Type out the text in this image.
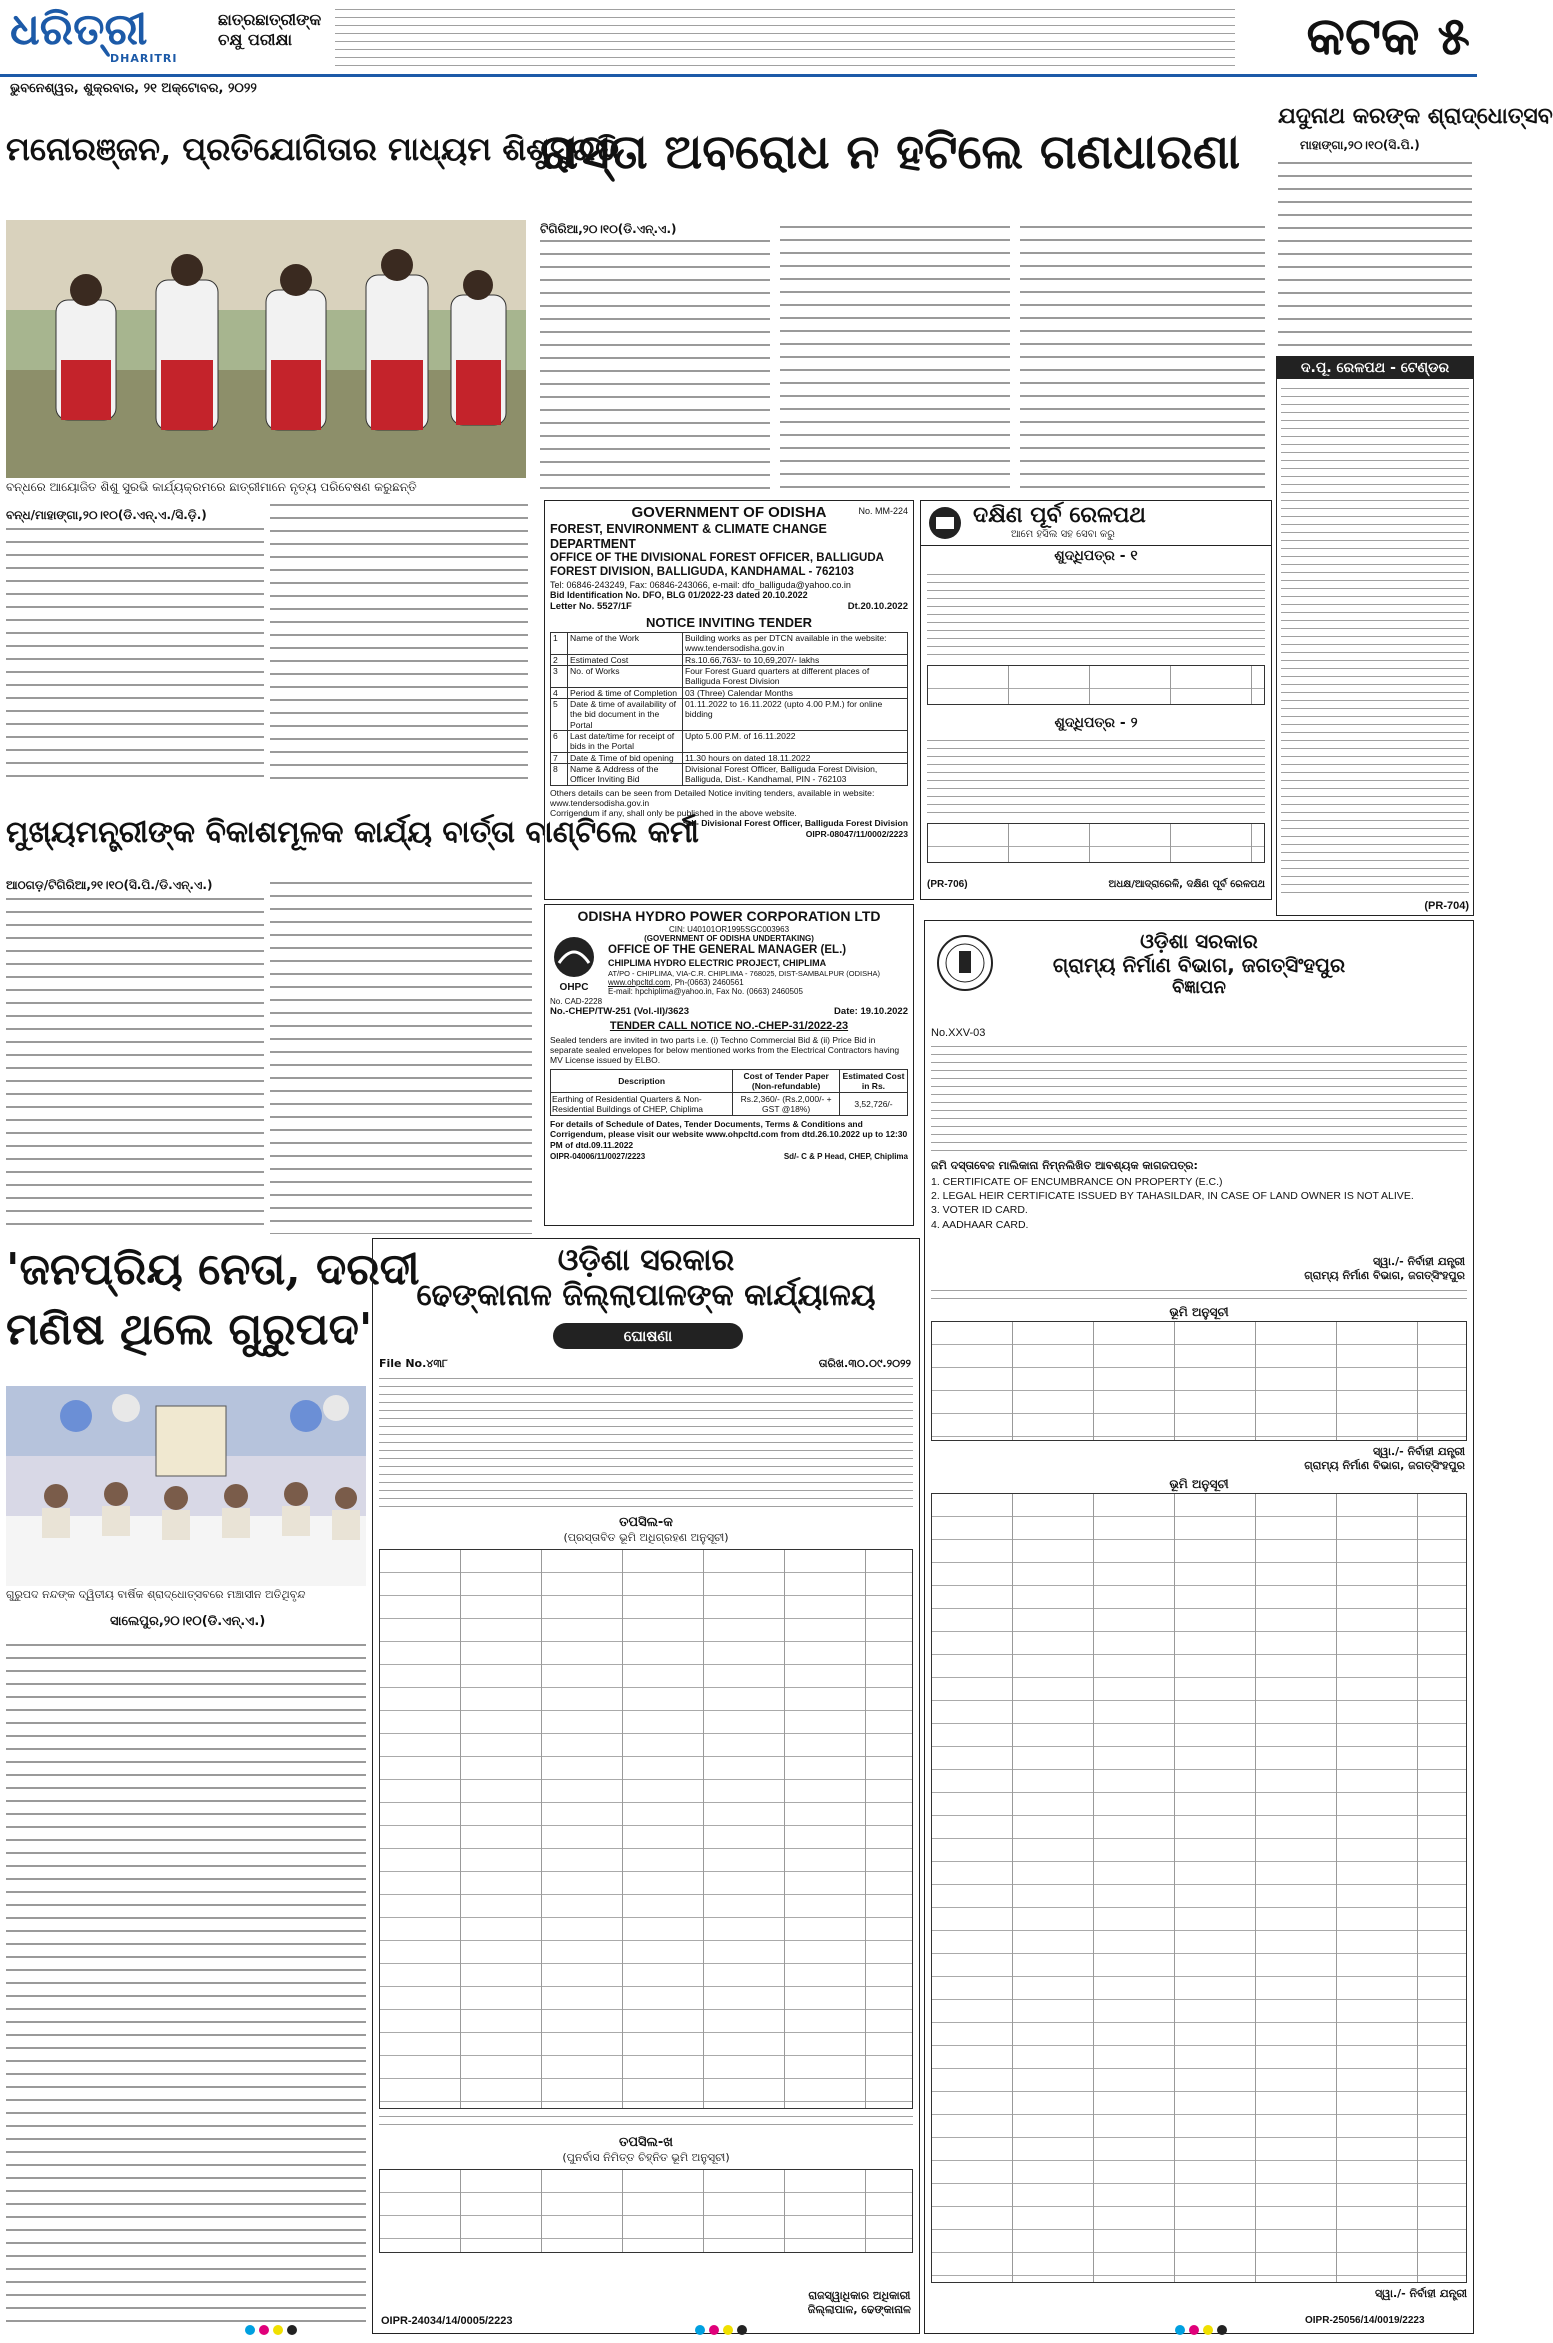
ଧରିତ୍ରୀ
DHARITRI
ଛାତ୍ରଛାତ୍ରୀଙ୍କ
ଚକ୍ଷୁ ପରୀକ୍ଷା	କଟକ ୫
ଭୁବନେଶ୍ୱର, ଶୁକ୍ରବାର, ୨୧ ଅକ୍ଟୋବର, ୨୦୨୨
ମନୋରଞ୍ଜନ, ପ୍ରତିଯୋଗିତାର ମାଧ୍ୟମ ଶିଶୁସୁରଭି
ବନ୍ଧରେ ଆୟୋଜିତ ଶିଶୁ ସୁରଭି କାର୍ଯ୍ୟକ୍ରମରେ ଛାତ୍ରୀମାନେ ନୃତ୍ୟ ପରିବେଷଣ କରୁଛନ୍ତି
ବନ୍ଧ/ମାହାଙ୍ଗା,୨୦।୧୦(ଡି.ଏନ୍.ଏ./ସି.ଡ଼ି.)
ରାସ୍ତା ଅବରୋଧ ନ ହଟିଲେ ଗଣଧାରଣା
ଟିଗିରିଆ,୨୦।୧୦(ଡି.ଏନ୍.ଏ.)
ଯଦୁନାଥ କରଙ୍କ ଶ୍ରାଦ୍ଧୋତ୍ସବ
ମାହାଙ୍ଗା,୨୦।୧୦(ସି.ପି.)
ଦ.ପୂ. ରେଳପଥ - ଟେଣ୍ଡର
(PR-704)
ମୁଖ୍ୟମନ୍ତ୍ରୀଙ୍କ ବିକାଶମୂଳକ କାର୍ଯ୍ୟ ବାର୍ତ୍ତା ବାଣ୍ଟିଲେ କର୍ମୀ
ଆଠଗଡ଼/ଟିଗିରିଆ,୨୧।୧୦(ସି.ପି./ଡି.ଏନ୍.ଏ.)
GOVERNMENT OF ODISHA	No. MM-224
FOREST, ENVIRONMENT & CLIMATE CHANGE DEPARTMENT
OFFICE OF THE DIVISIONAL FOREST OFFICER, BALLIGUDA
FOREST DIVISION, BALLIGUDA, KANDHAMAL - 762103
Tel: 06846-243249, Fax: 06846-243066, e-mail: dfo_balliguda@yahoo.co.in
Bid Identification No. DFO, BLG 01/2022-23 dated 20.10.2022
Letter No. 5527/1F	Dt.20.10.2022
NOTICE INVITING TENDER
1	Name of the Work	Building works as per DTCN available in the website: www.tendersodisha.gov.in
2	Estimated Cost	Rs.10.66,763/- to 10,69,207/- lakhs
3	No. of Works	Four Forest Guard quarters at different places of Balliguda Forest Division
4	Period & time of Completion	03 (Three) Calendar Months
5	Date & time of availability of the bid document in the Portal	01.11.2022 to 16.11.2022 (upto 4.00 P.M.) for online bidding
6	Last date/time for receipt of bids in the Portal	Upto 5.00 P.M. of 16.11.2022
7	Date & Time of bid opening	11.30 hours on dated 18.11.2022
8	Name & Address of the Officer Inviting Bid	Divisional Forest Officer, Balliguda Forest Division, Balliguda, Dist.- Kandhamal, PIN - 762103
Others details can be seen from Detailed Notice inviting tenders, available in website: www.tendersodisha.gov.in
Corrigendum if any, shall only be published in the above website.
Sd/- Divisional Forest Officer, Balliguda Forest Division
OIPR-08047/11/0002/2223
OHPC
ODISHA HYDRO POWER CORPORATION LTD
CIN: U40101OR1995SGC003963
(GOVERNMENT OF ODISHA UNDERTAKING)
OFFICE OF THE GENERAL MANAGER (EL.)
CHIPLIMA HYDRO ELECTRIC PROJECT, CHIPLIMA
AT/PO - CHIPLIMA, VIA-C.R. CHIPLIMA - 768025, DIST-SAMBALPUR (ODISHA)
www.ohpcltd.com, Ph-(0663) 2460561
E-mail: hpchiplima@yahoo.in, Fax No. (0663) 2460505
No. CAD-2228
No.-CHEP/TW-251 (Vol.-II)/3623	Date: 19.10.2022
TENDER CALL NOTICE NO.-CHEP-31/2022-23
Sealed tenders are invited in two parts i.e. (i) Techno Commercial Bid & (ii) Price Bid in separate sealed envelopes for below mentioned works from the Electrical Contractors having MV License issued by ELBO.
Description	Cost of Tender Paper (Non-refundable)	Estimated Cost in Rs.
Earthing of Residential Quarters & Non-Residential Buildings of CHEP, Chiplima	Rs.2,360/- (Rs.2,000/- + GST @18%)	3,52,726/-
For details of Schedule of Dates, Tender Documents, Terms & Conditions and Corrigendum, please visit our website www.ohpcltd.com from dtd.26.10.2022 up to 12:30 PM of dtd.09.11.2022
OIPR-04006/11/0027/2223	Sd/- C & P Head, CHEP, Chiplima
ଦକ୍ଷିଣ ପୂର୍ବ ରେଳପଥ
ଆମେ ହସିଲ ସହ ସେବା କରୁ
ଶୁଦ୍ଧିପତ୍ର - ୧
ଶୁଦ୍ଧିପତ୍ର - ୨
(PR-706)	ଅଧକ୍ଷ/ଆଦ୍ରାରେଳି, ଦକ୍ଷିଣ ପୂର୍ବ ରେଳପଥ
ଓଡ଼ିଶା ସରକାର
ଗ୍ରାମ୍ୟ ନିର୍ମାଣ ବିଭାଗ, ଜଗତ୍‌ସିଂହପୁର
ବିଜ୍ଞାପନ
No.XXV-03
ଜମି ଦସ୍ତାବେଜ ମାଲିକାନା ନିମ୍ନଲିଖିତ ଆବଶ୍ୟକ କାଗଜପତ୍ର:
1. CERTIFICATE OF ENCUMBRANCE ON PROPERTY (E.C.)
2. LEGAL HEIR CERTIFICATE ISSUED BY TAHASILDAR, IN CASE OF LAND OWNER IS NOT ALIVE.
3. VOTER ID CARD.
4. AADHAAR CARD.
ସ୍ୱା./- ନିର୍ବାହୀ ଯନ୍ତ୍ରୀ
ଗ୍ରାମ୍ୟ ନିର୍ମାଣ ବିଭାଗ, ଜଗତ୍‌ସିଂହପୁର
ଭୂମି ଅନୁସୂଚୀ
ସ୍ୱା./- ନିର୍ବାହୀ ଯନ୍ତ୍ରୀ
ଗ୍ରାମ୍ୟ ନିର୍ମାଣ ବିଭାଗ, ଜଗତ୍‌ସିଂହପୁର
ଭୂମି ଅନୁସୂଚୀ
ସ୍ୱା./- ନିର୍ବାହୀ ଯନ୍ତ୍ରୀ
OIPR-25056/14/0019/2223
'ଜନପ୍ରିୟ ନେତା, ଦରଦୀ
ମଣିଷ ଥିଲେ ଗୁରୁପଦ'
ଗୁରୁପଦ ନନ୍ଦଙ୍କ ଦ୍ୱିତୀୟ ବାର୍ଷିକ ଶ୍ରାଦ୍ଧୋତ୍ସବରେ ମଞ୍ଚାସୀନ ଅତିଥିବୃନ୍ଦ
ସାଲେପୁର,୨୦।୧୦(ଡି.ଏନ୍.ଏ.)
ଓଡ଼ିଶା ସରକାର
ଢେଙ୍କାନାଳ ଜିଲ୍ଲାପାଳଙ୍କ କାର୍ଯ୍ୟାଳୟ
ଘୋଷଣା
File No.୪୩୮	ତାରିଖ.୩୦.୦୯.୨୦୨୨
ତପସିଲ-କ
(ପ୍ରସ୍ତାବିତ ଭୂମି ଅଧିଗ୍ରହଣ ଅନୁସୂଚୀ)
ତପସିଲ-ଖ
(ପୁନର୍ବାସ ନିମିତ୍ତ ଚିହ୍ନିତ ଭୂମି ଅନୁସୂଚୀ)
OIPR-24034/14/0005/2223
ରାଜସ୍ୱାଧିକାର ଅଧିକାରୀ
ଜିଲ୍ଲାପାଳ, ଢେଙ୍କାନାଳ
